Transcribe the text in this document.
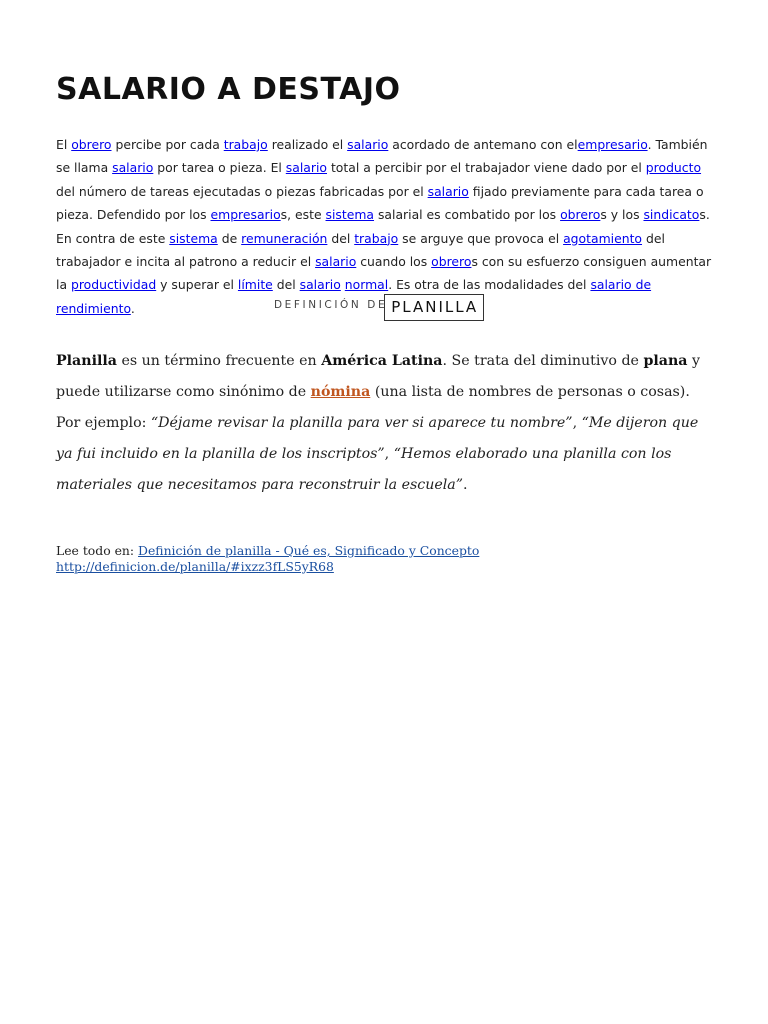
SALARIO A DESTAJO

El obrero percibe por cada trabajo realizado el salario acordado de antemano con elempresario. También se llama salario por tarea o pieza. El salario total a percibir por el trabajador viene dado por el producto del número de tareas ejecutadas o piezas fabricadas por el salario fijado previamente para cada tarea o pieza. Defendido por los empresarios, este sistema salarial es combatido por los obreros y los sindicatos. En contra de este sistema de remuneración del trabajo se arguye que provoca el agotamiento del trabajador e incita al patrono a reducir el salario cuando los obreros con su esfuerzo consiguen aumentar la productividad y superar el límite del salario normal. Es otra de las modalidades del salario de rendimiento.	$^{DEFINICIÓN DE}$ PLANILLA

Planilla es un término frecuente en América Latina. Se trata del diminutivo de plana y puede utilizarse como sinónimo de nómina (una lista de nombres de personas o cosas). Por ejemplo: “Déjame revisar la planilla para ver si aparece tu nombre”, “Me dijeron que ya fui incluido en la planilla de los inscriptos”, “Hemos elaborado una planilla con los materiales que necesitamos para reconstruir la escuela”.

Lee todo en: Definición de planilla - Qué es, Significado y Concepto http://definicion.de/planilla/#ixzz3fLS5yR68
